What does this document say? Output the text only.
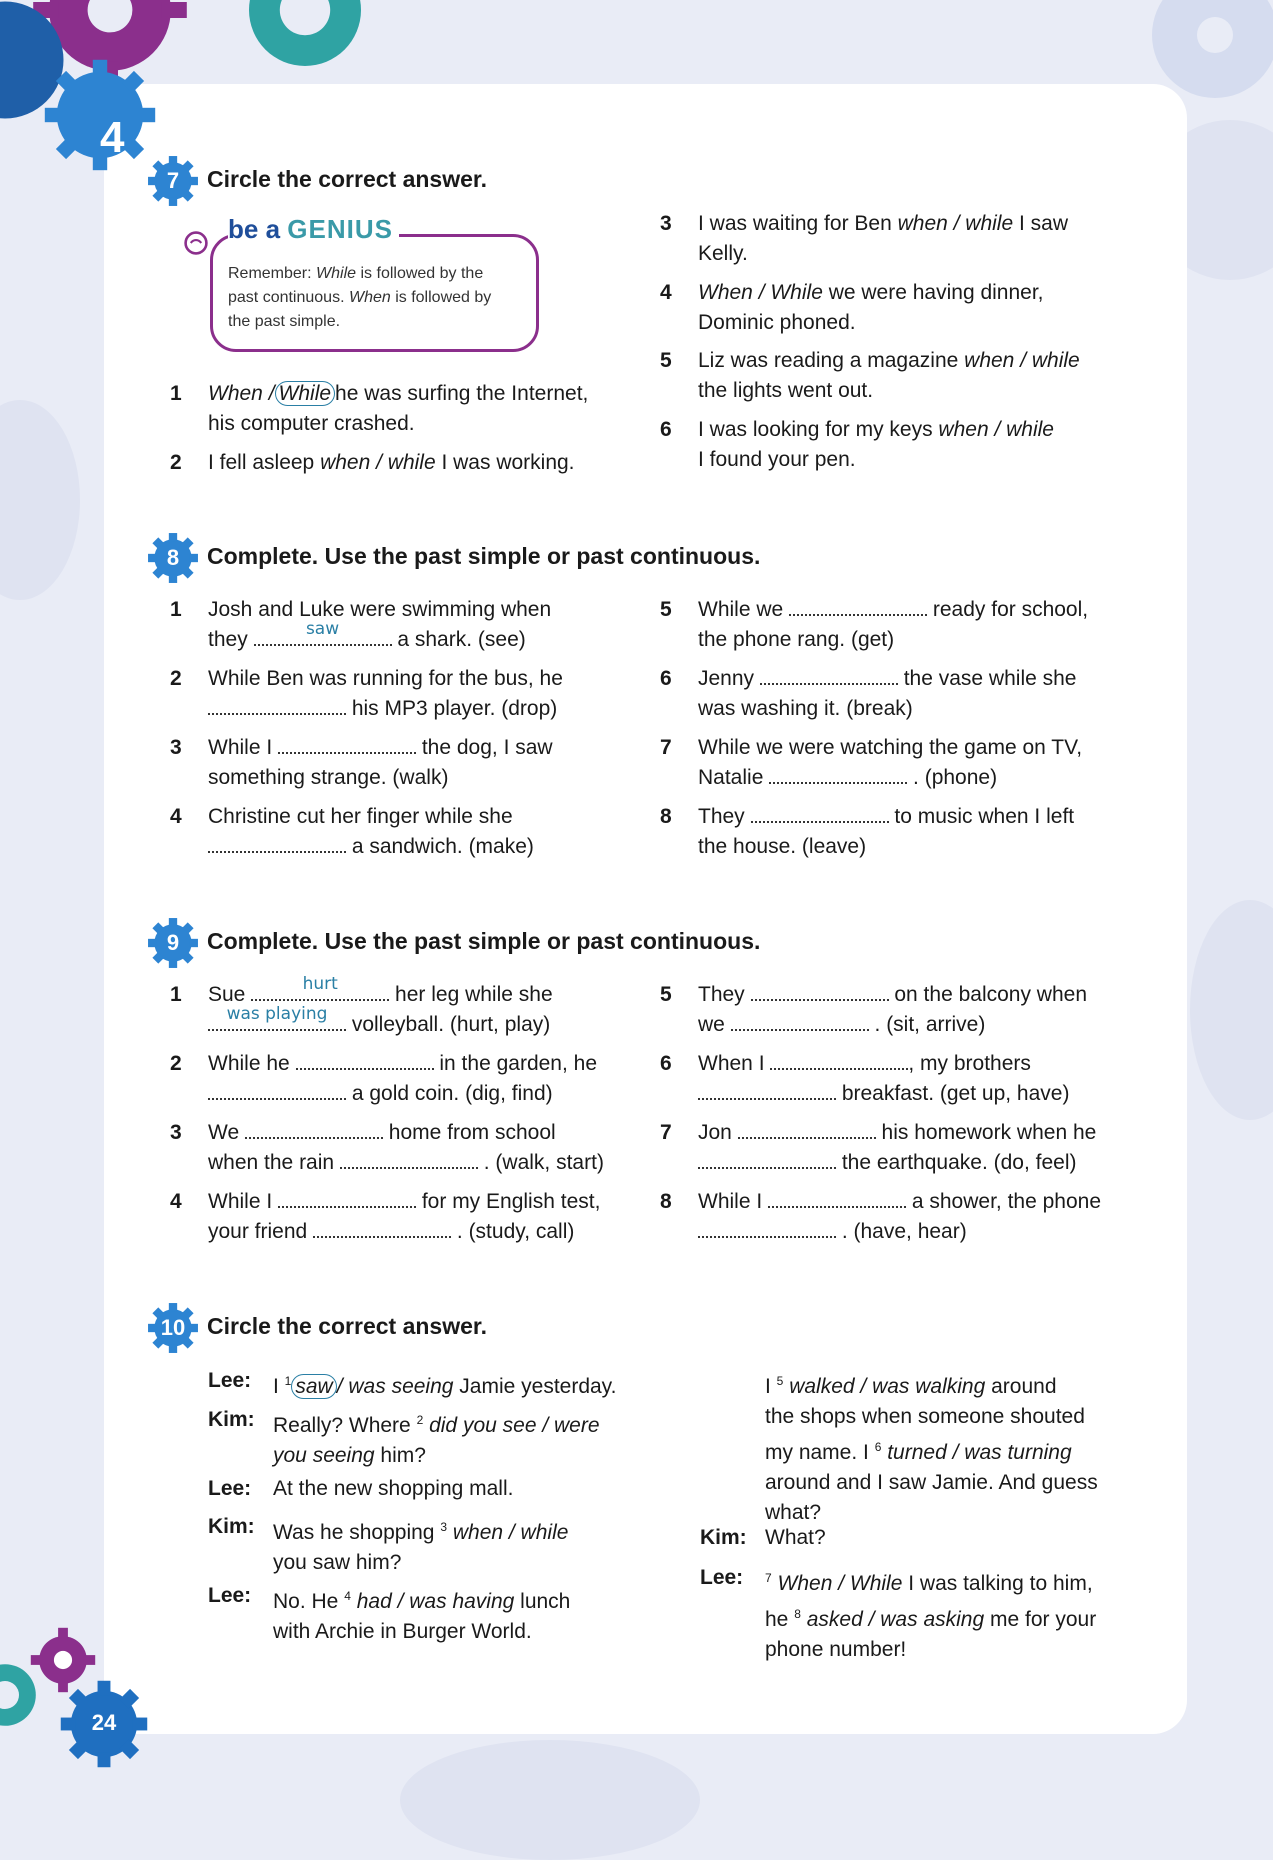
24
7	Circle the correct answer.
be a GENIUS
Remember: While is followed by the
past continuous. When is followed by
the past simple.
1 When / While he was surfing the Internet,
his computer crashed.
2 I fell asleep when / while I was working.
3 I was waiting for Ben when / while I saw
Kelly.
4 When / While we were having dinner,
Dominic phoned.
5 Liz was reading a magazine when / while
the lights went out.
6 I was looking for my keys when / while
I found your pen.
8	Complete. Use the past simple or past continuous.
1 Josh and Luke were swimming when
they	saw	a shark. (see)
2 While Ben was running for the bus, he
his MP3 player. (drop)
3 While I	the dog, I saw
something strange. (walk)
4 Christine cut her finger while she
a sandwich. (make)
5 While we	ready for school,
the phone rang. (get)
6 Jenny	the vase while she
was washing it. (break)
7 While we were watching the game on TV,
Natalie	. (phone)
8 They	to music when I left
the house. (leave)
9	Complete. Use the past simple or past continuous.
1 Sue	hurt	her leg while she

was playing volleyball. (hurt, play)
2 While he	in the garden, he
a gold coin. (dig, find)
3 We	home from school
when the rain	. (walk, start)
4 While I	for my English test,
your friend	. (study, call)
5 They	on the balcony when
we	. (sit, arrive)
6 When I	, my brothers
breakfast. (get up, have)
7 Jon	his homework when he
the earthquake. (do, feel)
8 While I	a shower, the phone
. (have, hear)
10 Circle the correct answer.
Lee: I $^1$ saw / was seeing Jamie yesterday.
Kim: Really? Where $^2$ did you see / were
you seeing him?
Lee: At the new shopping mall.
Kim: Was he shopping $^3$ when / while
you saw him?
Lee: No. He $^4$ had / was having lunch
with Archie in Burger World.
I $^5$ walked / was walking around
the shops when someone shouted
my name. I $^6$ turned / was turning
around and I saw Jamie. And guess
what?
Kim: What?
Lee: $^7$ When / While I was talking to him,
he $^8$ asked / was asking me for your
phone number!
